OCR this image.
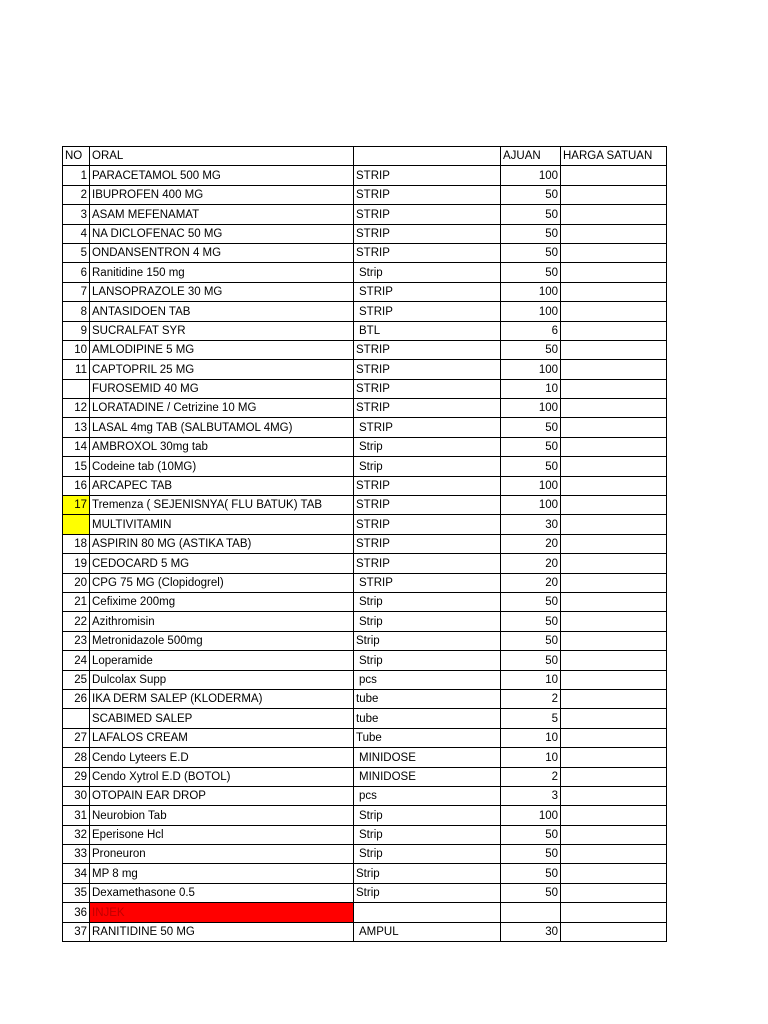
NO	ORAL		AJUAN	HARGA SATUAN
1	PARACETAMOL 500 MG	STRIP	100	
2	IBUPROFEN 400 MG	STRIP	50	
3	ASAM MEFENAMAT	STRIP	50	
4	NA DICLOFENAC 50 MG	STRIP	50	
5	ONDANSENTRON 4 MG	STRIP	50	
6	Ranitidine 150 mg	Strip	50	
7	LANSOPRAZOLE 30 MG	STRIP	100	
8	ANTASIDOEN TAB	STRIP	100	
9	SUCRALFAT SYR	BTL	6	
10	AMLODIPINE 5 MG	STRIP	50	
11	CAPTOPRIL 25 MG	STRIP	100	
	FUROSEMID 40 MG	STRIP	10	
12	LORATADINE / Cetrizine 10 MG	STRIP	100	
13	LASAL 4mg TAB (SALBUTAMOL 4MG)	STRIP	50	
14	AMBROXOL 30mg tab	Strip	50	
15	Codeine tab (10MG)	Strip	50	
16	ARCAPEC TAB	STRIP	100	
17	Tremenza ( SEJENISNYA( FLU BATUK) TAB	STRIP	100	
	MULTIVITAMIN	STRIP	30	
18	ASPIRIN 80 MG (ASTIKA TAB)	STRIP	20	
19	CEDOCARD 5 MG	STRIP	20	
20	CPG 75 MG (Clopidogrel)	STRIP	20	
21	Cefixime 200mg	Strip	50	
22	Azithromisin	Strip	50	
23	Metronidazole 500mg	Strip	50	
24	Loperamide	Strip	50	
25	Dulcolax Supp	pcs	10	
26	IKA DERM SALEP (KLODERMA)	tube	2	
	SCABIMED SALEP	tube	5	
27	LAFALOS CREAM	Tube	10	
28	Cendo Lyteers E.D	MINIDOSE	10	
29	Cendo Xytrol E.D (BOTOL)	MINIDOSE	2	
30	OTOPAIN EAR DROP	pcs	3	
31	Neurobion Tab	Strip	100	
32	Eperisone Hcl	Strip	50	
33	Proneuron	Strip	50	
34	MP 8 mg	Strip	50	
35	Dexamethasone 0.5	Strip	50	
36	INJEK			
37	RANITIDINE 50 MG	AMPUL	30	
